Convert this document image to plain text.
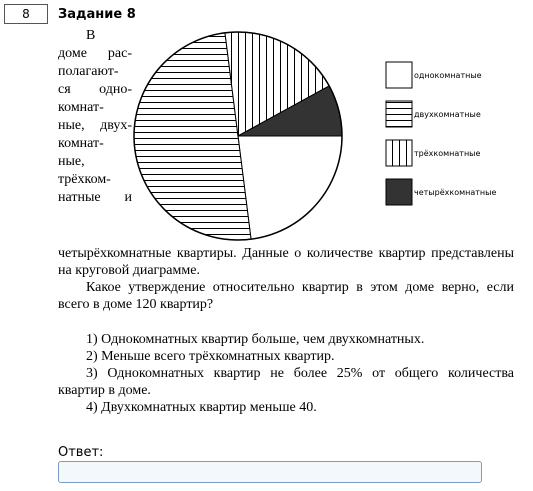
8 Задание 8
В
доме рас-
полагают-
ся одно-
комнат-
ные, двух-
комнат-
ные,
трёхком-
натные и
однокомнатные
двухкомнатные
трёхкомнатные
четырёхкомнатные

четырёхкомнатные квартиры. Данные о количестве квартир представлены на круговой диаграмме.

Какое утверждение относительно квартир в этом доме верно, если всего в доме 120 квартир?

1) Однокомнатных квартир больше, чем двухкомнатных.

2) Меньше всего трёхкомнатных квартир.

3) Однокомнатных квартир не более 25% от общего количества квартир в доме.

4) Двухкомнатных квартир меньше 40.

Ответ:
